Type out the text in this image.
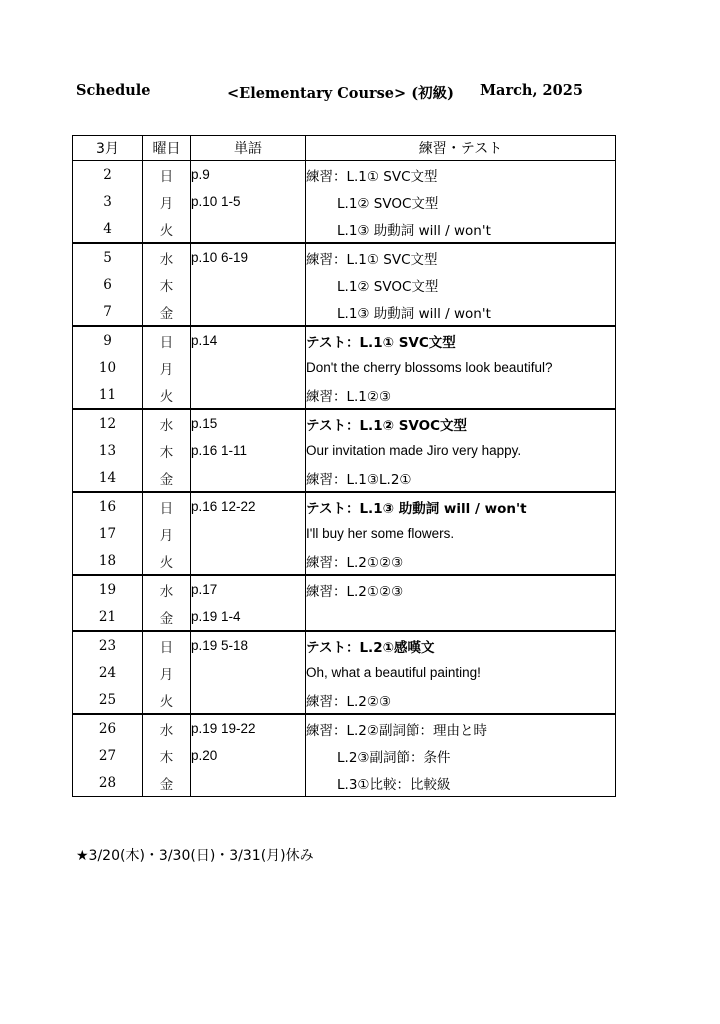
Schedule	<Elementary Course> (初級) March, 2025
3月	曜日	単語	練習・テスト
2	日	p.9	練習：L.1① SVC文型
3	月	p.10 1-5	L.1② SVOC文型
4	火		L.1③ 助動詞 will / won't
5	水	p.10 6-19	練習：L.1① SVC文型
6	木		L.1② SVOC文型
7	金		L.1③ 助動詞 will / won't
9	日	p.14	テスト：L.1① SVC文型
10	月		Don't the cherry blossoms look beautiful?
11	火		練習：L.1②③
12	水	p.15	テスト：L.1② SVOC文型
13	木	p.16 1-11	Our invitation made Jiro very happy.
14	金		練習：L.1③L.2①
16	日	p.16 12-22	テスト：L.1③ 助動詞 will / won't
17	月		I'll buy her some flowers.
18	火		練習：L.2①②③
19	水	p.17	練習：L.2①②③
21	金	p.19 1-4	
23	日	p.19 5-18	テスト：L.2①感嘆文
24	月		Oh, what a beautiful painting!
25	火		練習：L.2②③
26	水	p.19 19-22	練習：L.2②副詞節：理由と時
27	木	p.20	L.2③副詞節：条件
28	金		L.3①比較：比較級
★3/20(木)・3/30(日)・3/31(月)休み
